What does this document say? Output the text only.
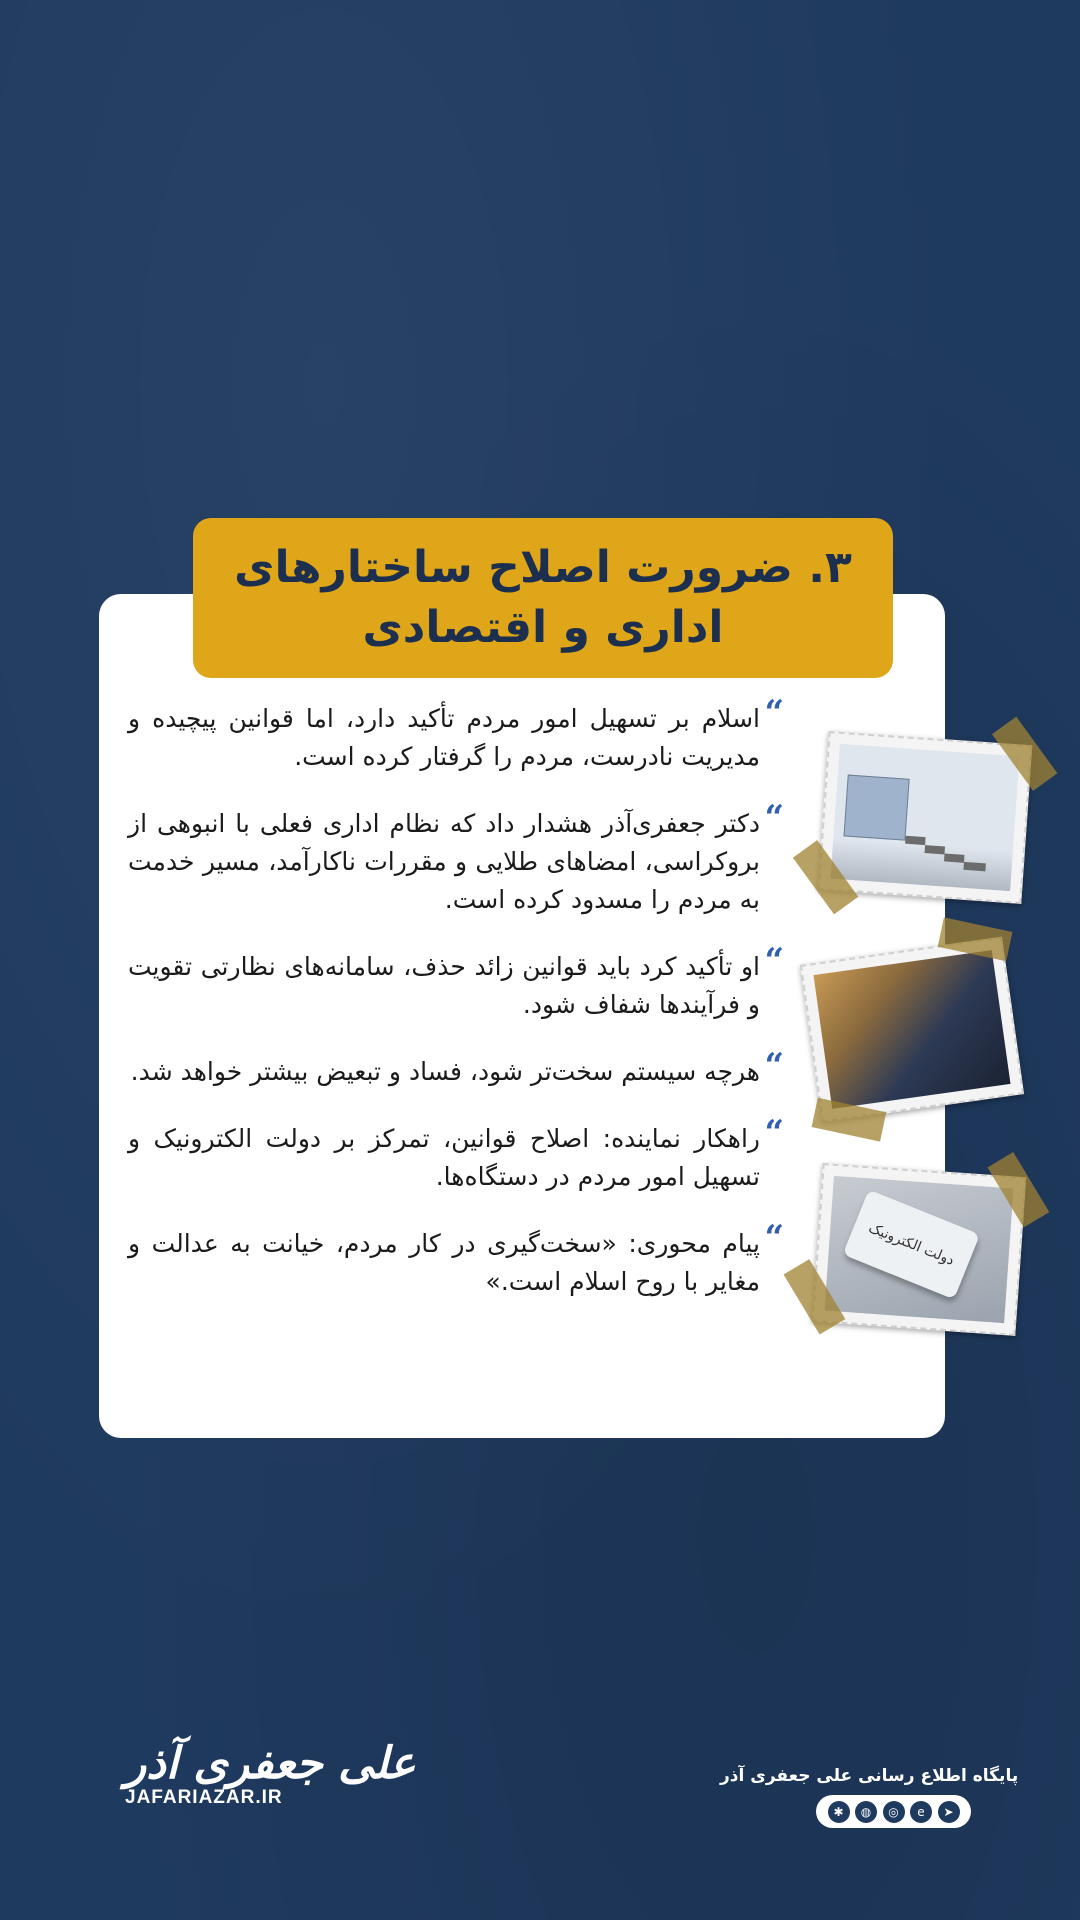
۳. ضرورت اصلاح ساختارهای
اداری و اقتصادی
“
اسلام بر تسهیل امور مردم تأکید دارد، اما قوانین پیچیده و مدیریت نادرست، مردم را گرفتار کرده است.
“
دکتر جعفری‌آذر هشدار داد که نظام اداری فعلی با انبوهی از بروکراسی، امضاهای طلایی و مقررات ناکارآمد، مسیر خدمت به مردم را مسدود کرده است.
“
او تأکید کرد باید قوانین زائد حذف، سامانه‌های نظارتی تقویت و فرآیندها شفاف شود.
“
هرچه سیستم سخت‌تر شود، فساد و تبعیض بیشتر خواهد شد.
“
راهکار نماینده: اصلاح قوانین، تمرکز بر دولت الکترونیک و تسهیل امور مردم در دستگاه‌ها.
“
پیام محوری: «سخت‌گیری در کار مردم، خیانت به عدالت و مغایر با روح اسلام است.»
دولت الکترونیک
پایگاه اطلاع رسانی علی جعفری آذر
✱	◍	◎	e	➤
علی جعفری آذر
JAFARIAZAR.IR
